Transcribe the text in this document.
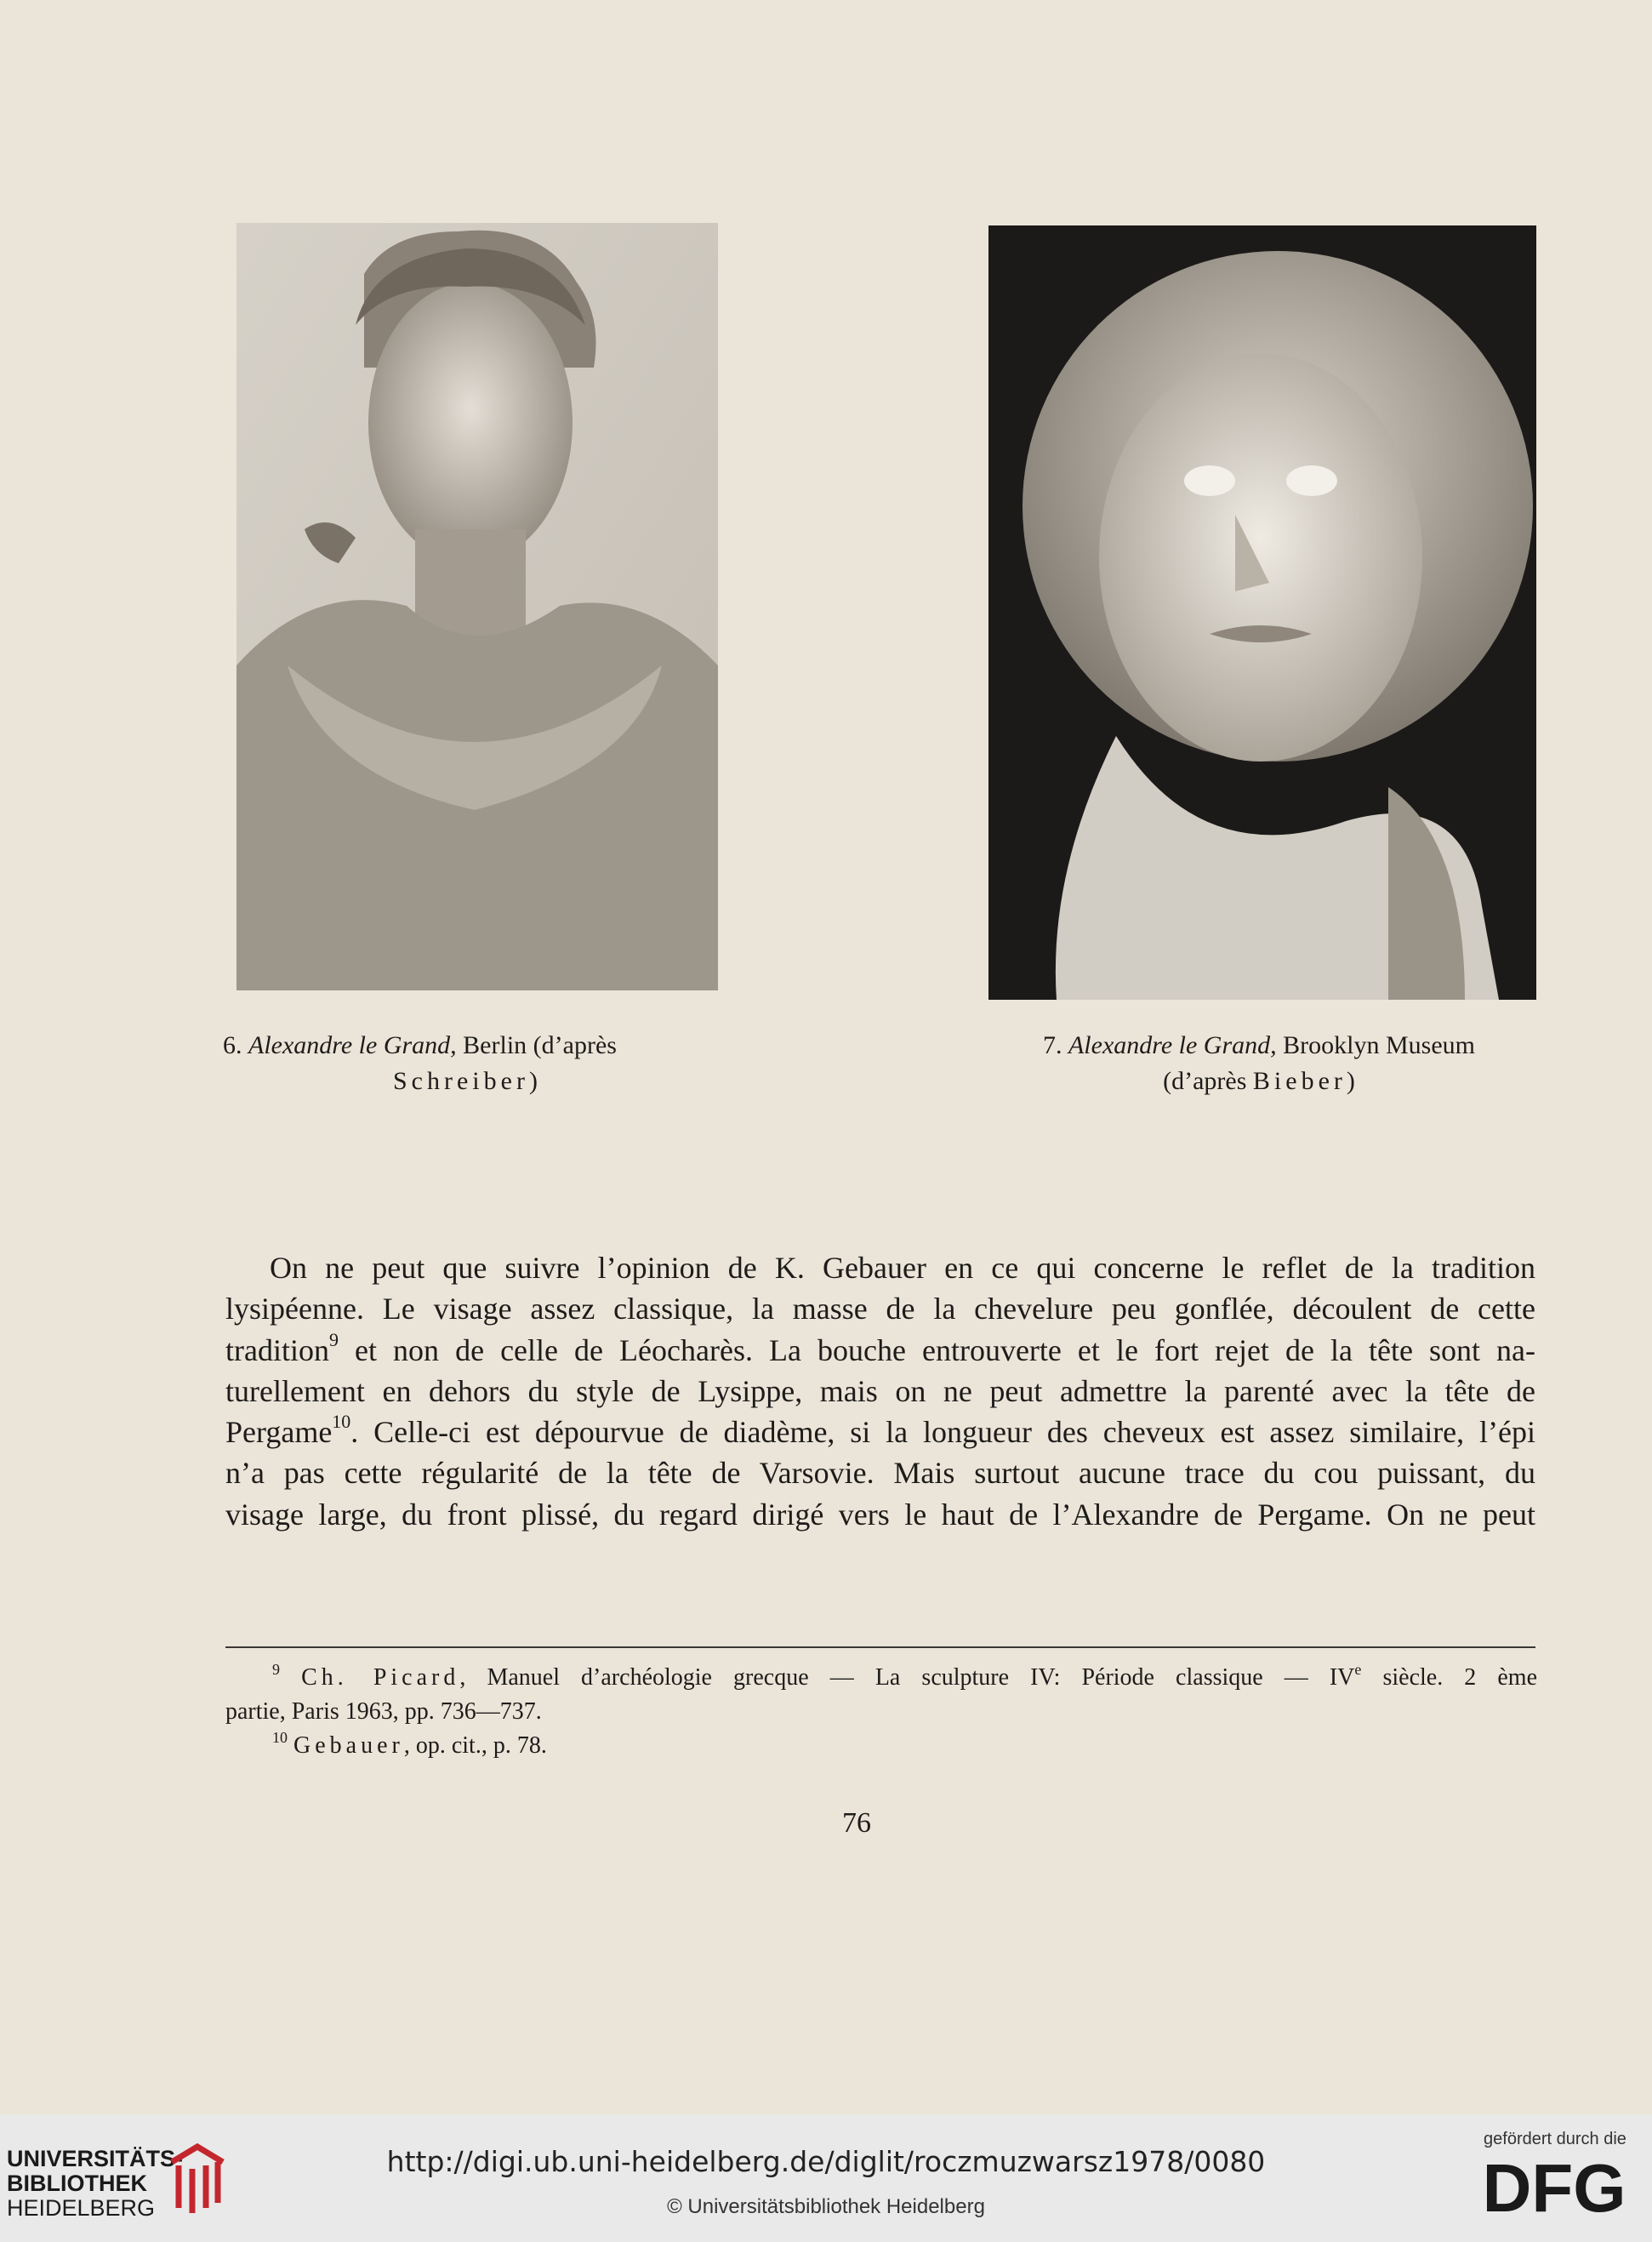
6. Alexandre le Grand, Berlin (d’après
Schreiber)
7. Alexandre le Grand, Brooklyn Museum
(d’après Bieber)
On ne peut que suivre l’opinion de K. Gebauer en ce qui concerne le reflet de la tradition
lysipéenne. Le visage assez classique, la masse de la chevelure peu gonflée, découlent de cette
tradition$^9$ et non de celle de Léocharès. La bouche entrouverte et le fort rejet de la tête sont na-
turellement en dehors du style de Lysippe, mais on ne peut admettre la parenté avec la tête de
Pergame$^{10}$. Celle-ci est dépourvue de diadème, si la longueur des cheveux est assez similaire, l’épi
n’a pas cette régularité de la tête de Varsovie. Mais surtout aucune trace du cou puissant, du
visage large, du front plissé, du regard dirigé vers le haut de l’Alexandre de Pergame. On ne peut
$^9$ Ch. Picard, Manuel d’archéologie grecque — La sculpture IV: Période classique — IVe siècle. 2 ème
partie, Paris 1963, pp. 736—737.
$^{10}$ Gebauer, op. cit., p. 78.
76
UNIVERSITÄTS-
BIBLIOTHEK
HEIDELBERG
http://digi.ub.uni-heidelberg.de/diglit/roczmuzwarsz1978/0080
© Universitätsbibliothek Heidelberg
gefördert durch die
DFG
